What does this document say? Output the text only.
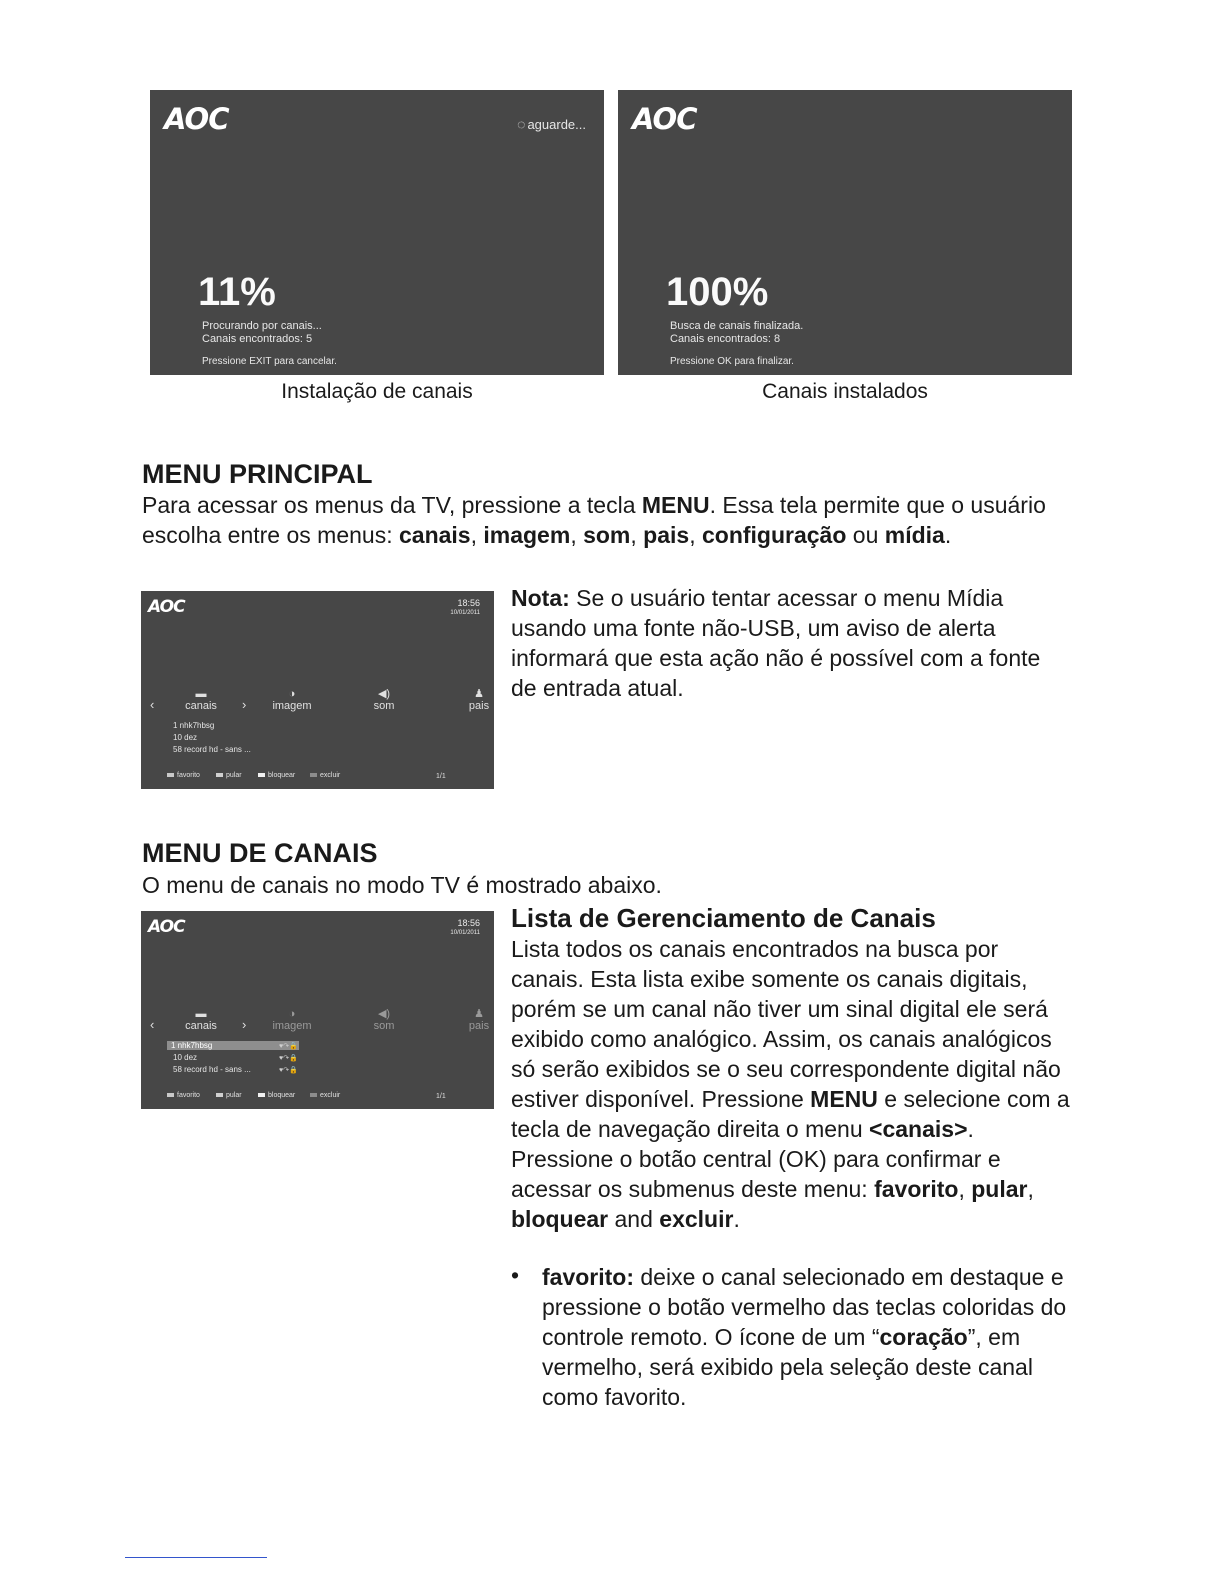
AOC	◌ aguarde...
11%
Procurando por canais...
Canais encontrados: 5
Pressione EXIT para cancelar.
Instalação de canais
AOC
100%
Busca de canais finalizada.
Canais encontrados: 8
Pressione OK para finalizar.
Canais instalados
MENU PRINCIPAL
Para acessar os menus da TV, pressione a tecla MENU. Essa tela permite que o usuário escolha entre os menus: canais, imagem, som, pais, configuração ou mídia.
AOC	18:56
10/01/2011
‹
▬
canais	›
◑
imagem
◀)
som
♟
pais
1 nhk7hbsg
10 dez
58 record hd - sans ...
favorito	pular	bloquear	excluir	1/1
Nota: Se o usuário tentar acessar o menu Mídia usando uma fonte não-USB, um aviso de alerta informará que esta ação não é possível com a fonte de entrada atual.
MENU DE CANAIS
O menu de canais no modo TV é mostrado abaixo.
AOC	18:56
10/01/2011
‹
▬
canais	›
◑
imagem
◀)
som
♟
pais
1 nhk7hbsg	♥↷🔒
10 dez	♥↷🔒
58 record hd - sans ...	♥↷🔒
favorito	pular	bloquear	excluir	1/1
Lista de Gerenciamento de Canais
Lista todos os canais encontrados na busca por canais. Esta lista exibe somente os canais digitais, porém se um canal não tiver um sinal digital ele será exibido como analógico. Assim, os canais analógicos só serão exibidos se o seu correspondente digital não estiver disponível. Pressione MENU e selecione com a tecla de navegação direita o menu <canais>. Pressione o botão central (OK) para confirmar e acessar os submenus deste menu: favorito, pular, bloquear and excluir.
• favorito: deixe o canal selecionado em destaque e pressione o botão vermelho das teclas coloridas do controle remoto. O ícone de um “coração”, em vermelho, será exibido pela seleção deste canal como favorito.
